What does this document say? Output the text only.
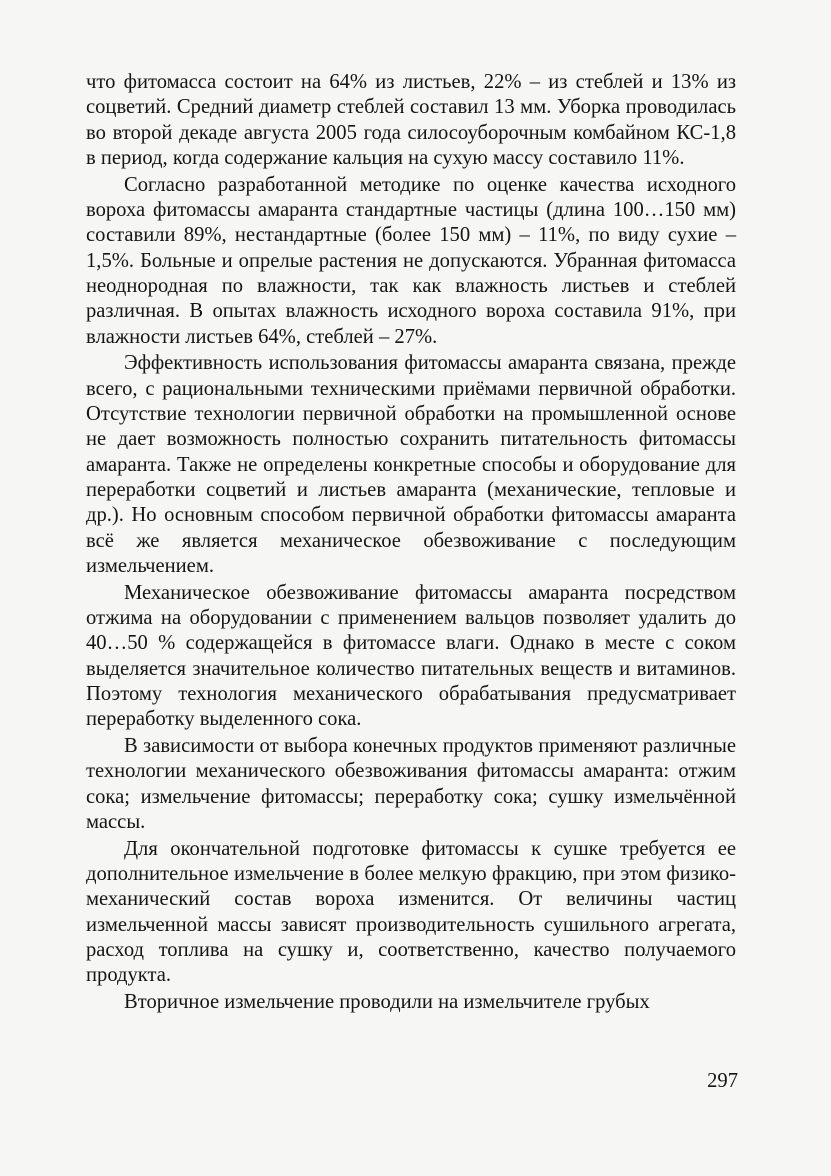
что фитомасса состоит на 64% из листьев, 22% – из стеблей и 13% из соцветий. Средний диаметр стеблей составил 13 мм. Уборка проводилась во второй декаде августа 2005 года силосоуборочным комбайном КС-1,8 в период, когда содержание кальция на сухую массу составило 11%.

Согласно разработанной методике по оценке качества исходного вороха фитомассы амаранта стандартные частицы (длина 100…150 мм) составили 89%, нестандартные (более 150 мм) – 11%, по виду сухие – 1,5%. Больные и опрелые растения не допускаются. Убранная фитомасса неоднородная по влажности, так как влажность листьев и стеблей различная. В опытах влажность исходного вороха составила 91%, при влажности листьев 64%, стеблей – 27%.

Эффективность использования фитомассы амаранта связана, прежде всего, с рациональными техническими приёмами первичной обработки. Отсутствие технологии первичной обработки на промышленной основе не дает возможность полностью сохранить питательность фитомассы амаранта. Также не определены конкретные способы и оборудование для переработки соцветий и листьев амаранта (механические, тепловые и др.). Но основным способом первичной обработки фитомассы амаранта всё же является механическое обезвоживание с последующим измельчением.

Механическое обезвоживание фитомассы амаранта посредством отжима на оборудовании с применением вальцов позволяет удалить до 40…50 % содержащейся в фитомассе влаги. Однако в месте с соком выделяется значительное количество питательных веществ и витаминов. Поэтому технология механического обрабатывания предусматривает переработку выделенного сока.

В зависимости от выбора конечных продуктов применяют различные технологии механического обезвоживания фитомассы амаранта: отжим сока; измельчение фитомассы; переработку сока; сушку измельчённой массы.

Для окончательной подготовке фитомассы к сушке требуется ее дополнительное измельчение в более мелкую фракцию, при этом физико-механический состав вороха изменится. От величины частиц измельченной массы зависят производительность сушильного агрегата, расход топлива на сушку и, соответственно, качество получаемого продукта.

Вторичное измельчение проводили на измельчителе грубых

297
